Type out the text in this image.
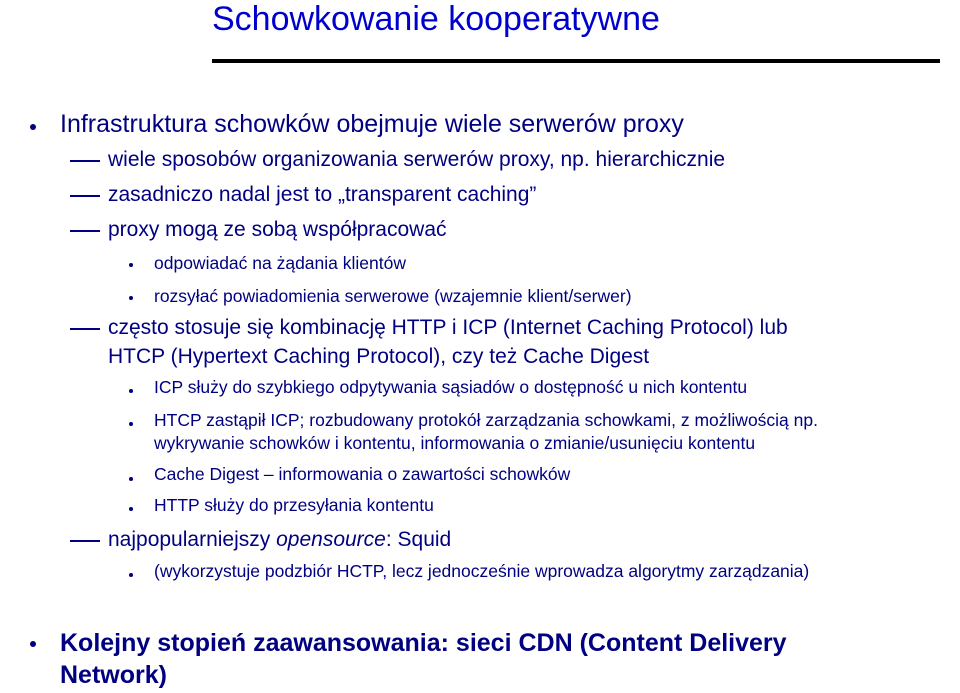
Schowkowanie kooperatywne
Infrastruktura schowków obejmuje wiele serwerów proxy
wiele sposobów organizowania serwerów proxy, np. hierarchicznie
zasadniczo nadal jest to „transparent caching”
proxy mogą ze sobą współpracować
odpowiadać na żądania klientów
rozsyłać powiadomienia serwerowe (wzajemnie klient/serwer)
często stosuje się kombinację HTTP i ICP (Internet Caching Protocol) lub
HTCP (Hypertext Caching Protocol), czy też Cache Digest
ICP służy do szybkiego odpytywania sąsiadów o dostępność u nich kontentu
HTCP zastąpił ICP; rozbudowany protokół zarządzania schowkami, z możliwością np.
wykrywanie schowków i kontentu, informowania o zmianie/usunięciu kontentu
Cache Digest – informowania o zawartości schowków
HTTP służy do przesyłania kontentu
najpopularniejszy opensource: Squid
(wykorzystuje podzbiór HCTP, lecz jednocześnie wprowadza algorytmy zarządzania)
Kolejny stopień zaawansowania: sieci CDN (Content Delivery
Network)
